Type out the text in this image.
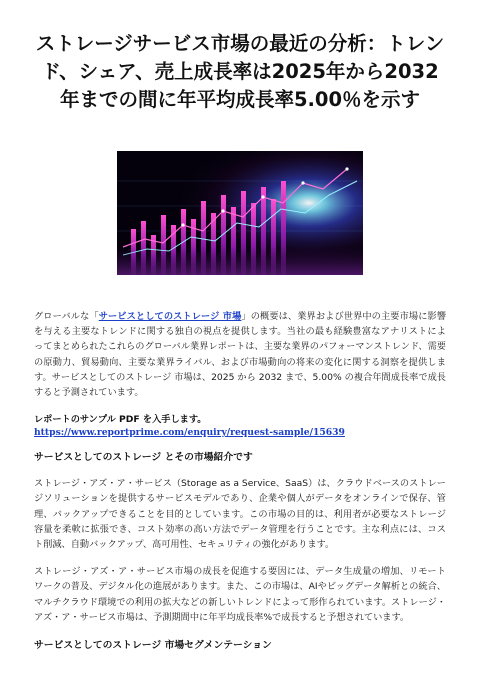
ストレージサービス市場の最近の分析：トレンド、シェア、売上成長率は2025年から2032年までの間に年平均成長率5.00％を示す

グローバルな「サービスとしてのストレージ 市場」の概要は、業界および世界中の主要市場に影響を与える主要なトレンドに関する独自の視点を提供します。当社の最も経験豊富なアナリストによってまとめられたこれらのグローバル業界レポートは、主要な業界のパフォーマンストレンド、需要の原動力、貿易動向、主要な業界ライバル、および市場動向の将来の変化に関する洞察を提供します。サービスとしてのストレージ 市場は、2025 から 2032 まで、5.00% の複合年間成長率で成長すると予測されています。

レポートのサンプル PDF を入手します。 https://www.reportprime.com/enquiry/request-sample/15639

サービスとしてのストレージ とその市場紹介です

ストレージ・アズ・ア・サービス（Storage as a Service、SaaS）は、クラウドベースのストレージソリューションを提供するサービスモデルであり、企業や個人がデータをオンラインで保存、管理、バックアップできることを目的としています。この市場の目的は、利用者が必要なストレージ容量を柔軟に拡張でき、コスト効率の高い方法でデータ管理を行うことです。主な利点には、コスト削減、自動バックアップ、高可用性、セキュリティの強化があります。

ストレージ・アズ・ア・サービス市場の成長を促進する要因には、データ生成量の増加、リモートワークの普及、デジタル化の進展があります。また、この市場は、AIやビッグデータ解析との統合、マルチクラウド環境での利用の拡大などの新しいトレンドによって形作られています。ストレージ・アズ・ア・サービス市場は、予測期間中に年平均成長率%で成長すると予想されています。

サービスとしてのストレージ 市場セグメンテーション
